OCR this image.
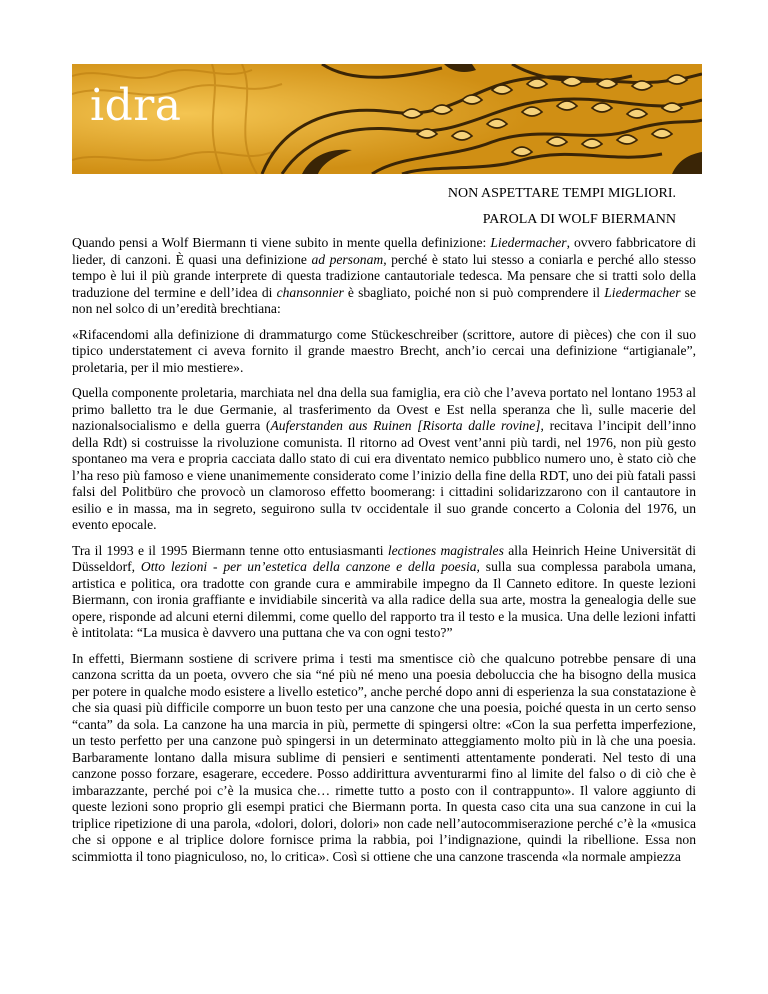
idra
NON ASPETTARE TEMPI MIGLIORI.
PAROLA DI WOLF BIERMANN

Quando pensi a Wolf Biermann ti viene subito in mente quella definizione: Liedermacher, ovvero fabbricatore di lieder, di canzoni. È quasi una definizione ad personam, perché è stato lui stesso a coniarla e perché allo stesso tempo è lui il più grande interprete di questa tradizione cantautoriale tedesca. Ma pensare che si tratti solo della traduzione del termine e dell’idea di chansonnier è sbagliato, poiché non si può comprendere il Liedermacher se non nel solco di un’eredità brechtiana:

«Rifacendomi alla definizione di drammaturgo come Stückeschreiber (scrittore, autore di pièces) che con il suo tipico understatement ci aveva fornito il grande maestro Brecht, anch’io cercai una definizione “artigianale”, proletaria, per il mio mestiere».

Quella componente proletaria, marchiata nel dna della sua famiglia, era ciò che l’aveva portato nel lontano 1953 al primo balletto tra le due Germanie, al trasferimento da Ovest e Est nella speranza che lì, sulle macerie del nazionalsocialismo e della guerra (Auferstanden aus Ruinen [Risorta dalle rovine], recitava l’incipit dell’inno della Rdt) si costruisse la rivoluzione comunista. Il ritorno ad Ovest vent’anni più tardi, nel 1976, non più gesto spontaneo ma vera e propria cacciata dallo stato di cui era diventato nemico pubblico numero uno, è stato ciò che l’ha reso più famoso e viene unanimemente considerato come l’inizio della fine della RDT, uno dei più fatali passi falsi del Politbüro che provocò un clamoroso effetto boomerang: i cittadini solidarizzarono con il cantautore in esilio e in massa, ma in segreto, seguirono sulla tv occidentale il suo grande concerto a Colonia del 1976, un evento epocale.

Tra il 1993 e il 1995 Biermann tenne otto entusiasmanti lectiones magistrales alla Heinrich Heine Universität di Düsseldorf, Otto lezioni - per un’estetica della canzone e della poesia, sulla sua complessa parabola umana, artistica e politica, ora tradotte con grande cura e ammirabile impegno da Il Canneto editore. In queste lezioni Biermann, con ironia graffiante e invidiabile sincerità va alla radice della sua arte, mostra la genealogia delle sue opere, risponde ad alcuni eterni dilemmi, come quello del rapporto tra il testo e la musica. Una delle lezioni infatti è intitolata: “La musica è davvero una puttana che va con ogni testo?”

In effetti, Biermann sostiene di scrivere prima i testi ma smentisce ciò che qualcuno potrebbe pensare di una canzona scritta da un poeta, ovvero che sia “né più né meno una poesia deboluccia che ha bisogno della musica per potere in qualche modo esistere a livello estetico”, anche perché dopo anni di esperienza la sua constatazione è che sia quasi più difficile comporre un buon testo per una canzone che una poesia, poiché questa in un certo senso “canta” da sola. La canzone ha una marcia in più, permette di spingersi oltre: «Con la sua perfetta imperfezione, un testo perfetto per una canzone può spingersi in un determinato atteggiamento molto più in là che una poesia. Barbaramente lontano dalla misura sublime di pensieri e sentimenti attentamente ponderati. Nel testo di una canzone posso forzare, esagerare, eccedere. Posso addirittura avventurarmi fino al limite del falso o di ciò che è imbarazzante, perché poi c’è la musica che… rimette tutto a posto con il contrappunto». Il valore aggiunto di queste lezioni sono proprio gli esempi pratici che Biermann porta. In questa caso cita una sua canzone in cui la triplice ripetizione di una parola, «dolori, dolori, dolori» non cade nell’autocommiserazione perché c’è la «musica che si oppone e al triplice dolore fornisce prima la rabbia, poi l’indignazione, quindi la ribellione. Essa non scimmiotta il tono piagniculoso, no, lo critica». Così si ottiene che una canzone trascenda «la normale ampiezza
